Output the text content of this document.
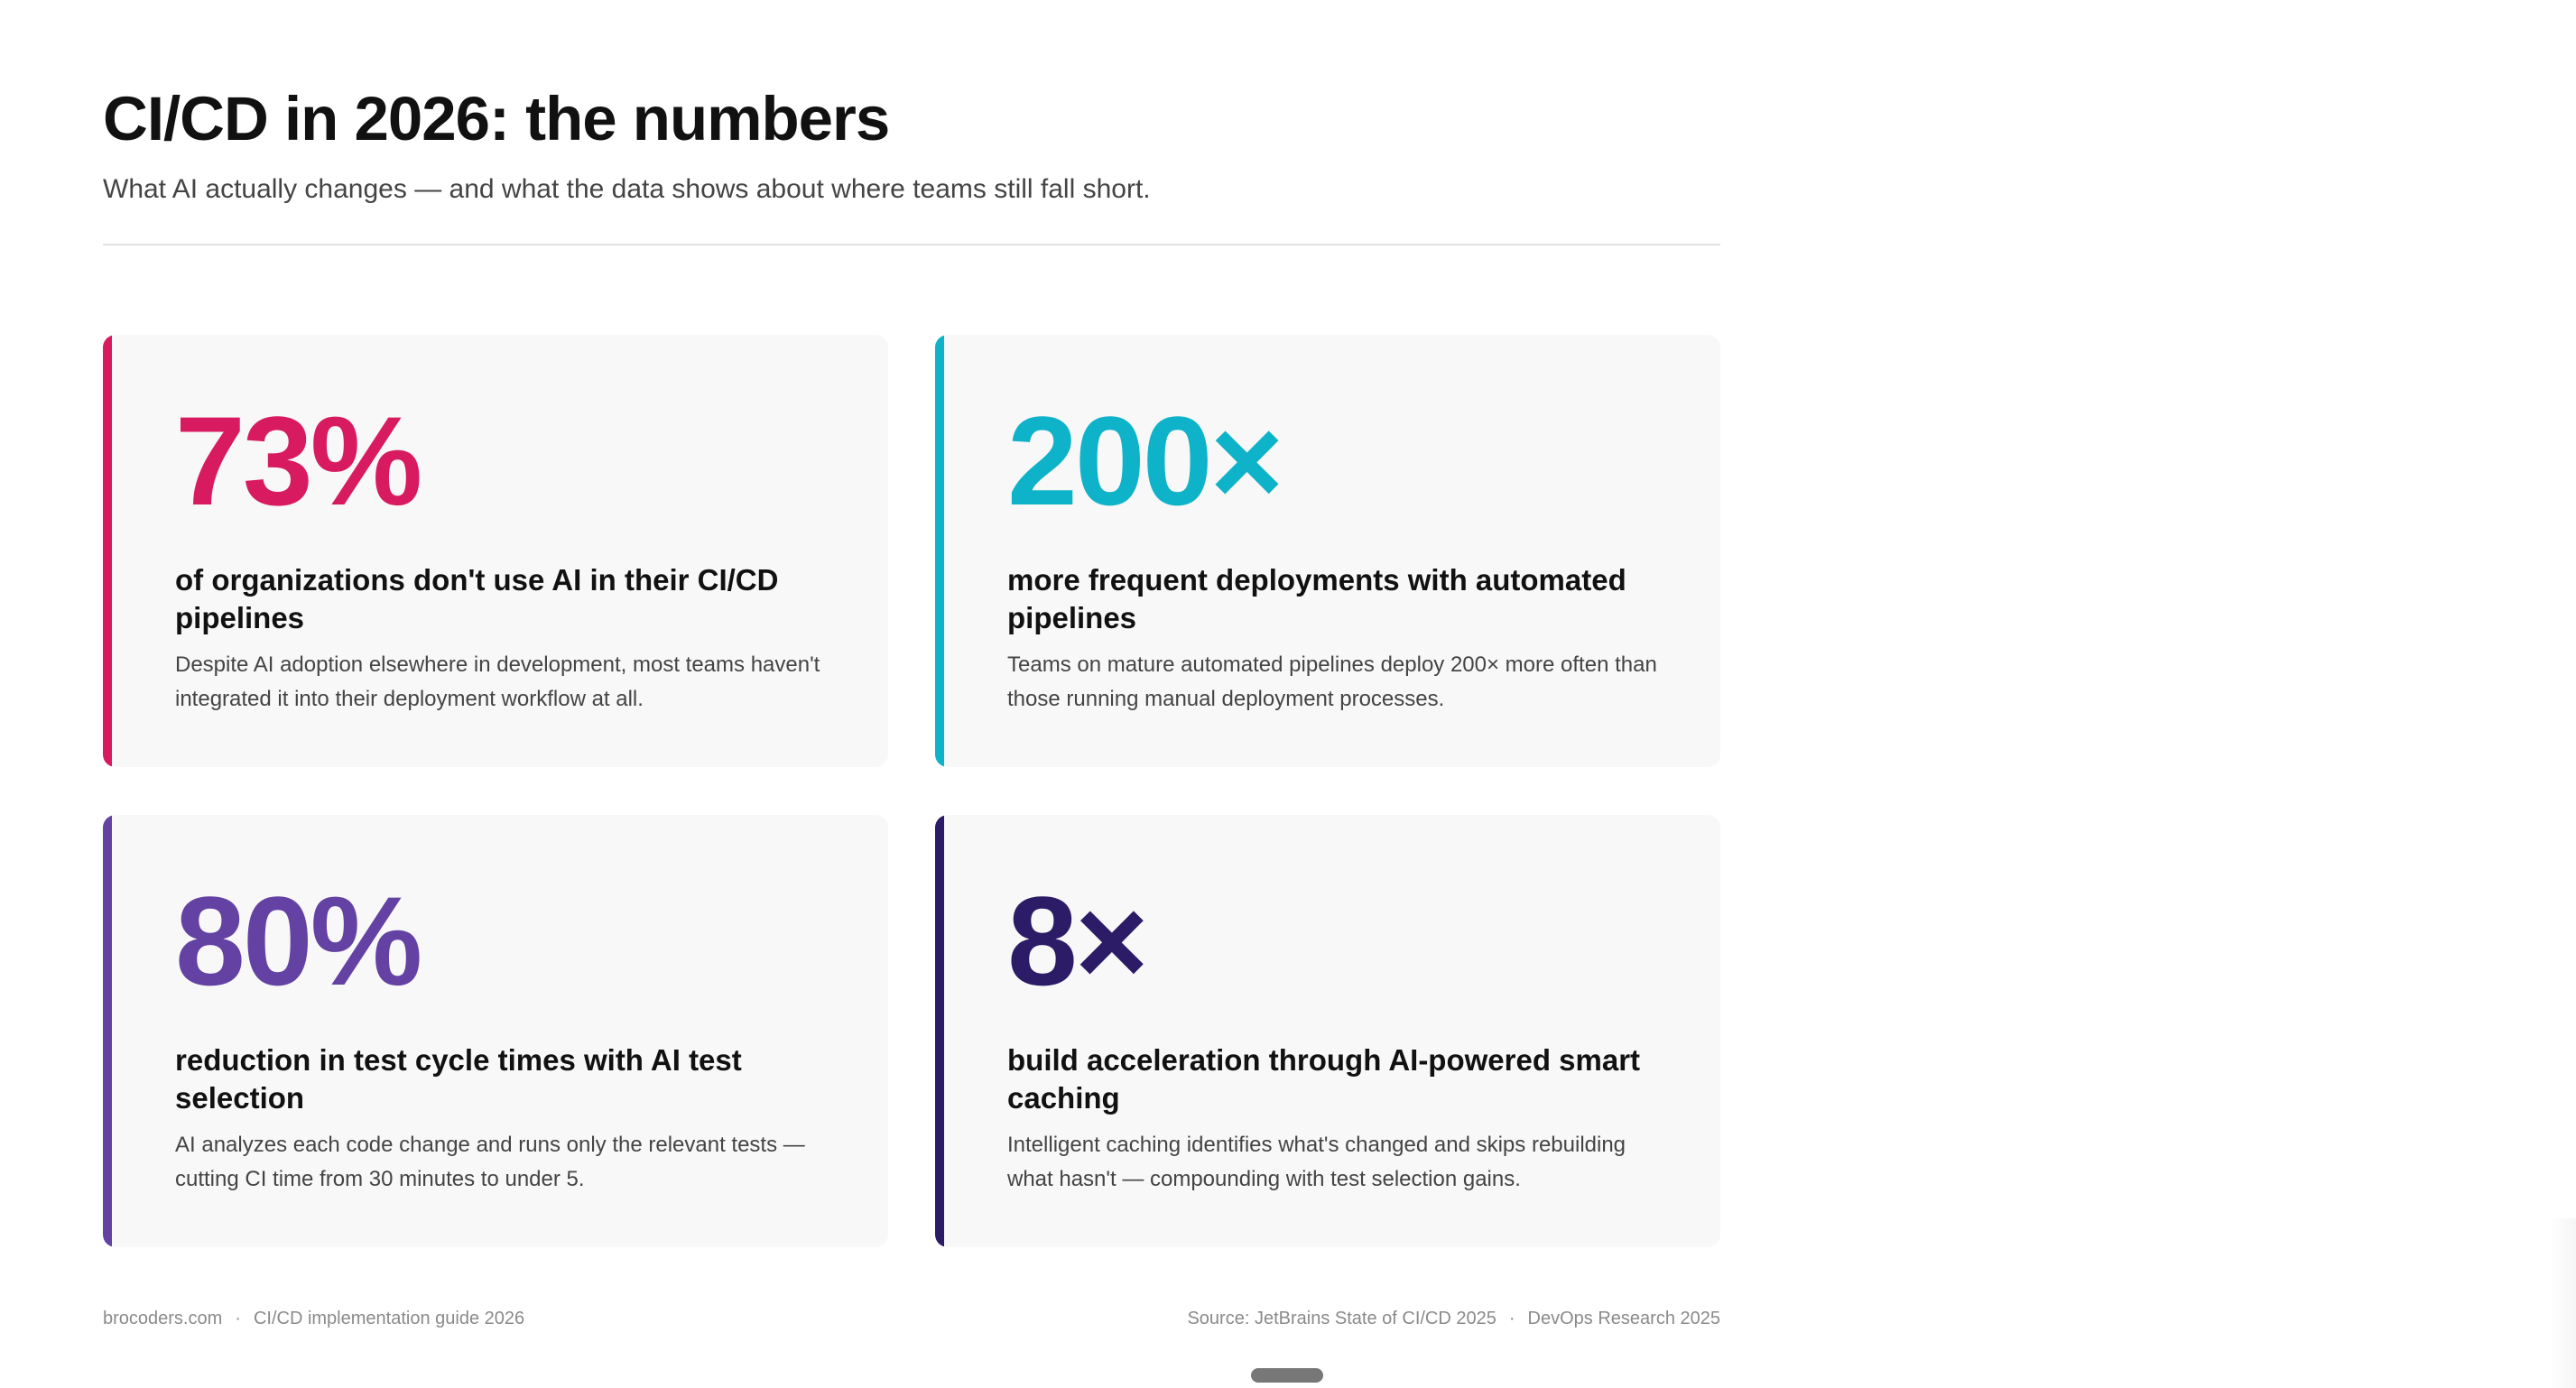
CI/CD in 2026: the numbers

What AI actually changes — and what the data shows about where teams still fall short.

73%
of organizations don't use AI in their CI/CD pipelines
Despite AI adoption elsewhere in development, most teams haven't integrated it into their deployment workflow at all.
200×
more frequent deployments with automated pipelines
Teams on mature automated pipelines deploy 200× more often than those running manual deployment processes.
80%
reduction in test cycle times with AI test selection
AI analyzes each code change and runs only the relevant tests — cutting CI time from 30 minutes to under 5.
8×
build acceleration through AI-powered smart caching
Intelligent caching identifies what's changed and skips rebuilding what hasn't — compounding with test selection gains.
brocoders.com · CI/CD implementation guide 2026	Source: JetBrains State of CI/CD 2025 · DevOps Research 2025
